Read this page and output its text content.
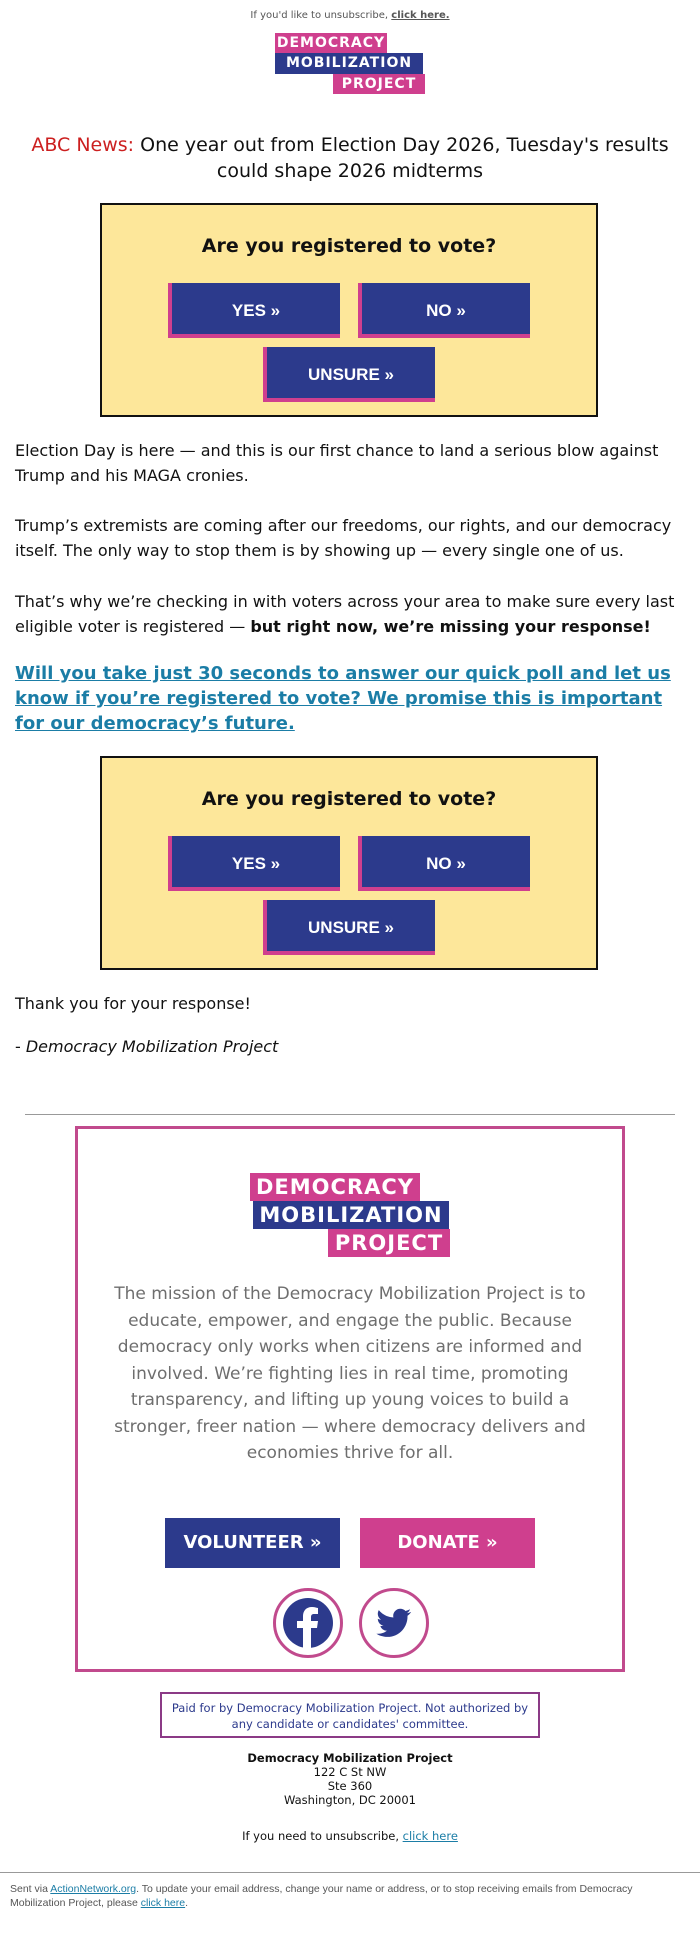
If you'd like to unsubscribe, click here.
DEMOCRACY
MOBILIZATION
PROJECT
ABC News: One year out from Election Day 2026, Tuesday's results could shape 2026 midterms
Are you registered to vote?
YES »	NO »
UNSURE »
Election Day is here — and this is our first chance to land a serious blow against Trump and his MAGA cronies.
Trump’s extremists are coming after our freedoms, our rights, and our democracy itself. The only way to stop them is by showing up — every single one of us.
That’s why we’re checking in with voters across your area to make sure every last eligible voter is registered — but right now, we’re missing your response!
Will you take just 30 seconds to answer our quick poll and let us know if you’re registered to vote? We promise this is important for our democracy’s future.
Are you registered to vote?
YES »	NO »
UNSURE »
Thank you for your response!
- Democracy Mobilization Project
DEMOCRACY
MOBILIZATION
PROJECT
The mission of the Democracy Mobilization Project is to educate, empower, and engage the public. Because democracy only works when citizens are informed and involved. We’re fighting lies in real time, promoting transparency, and lifting up young voices to build a stronger, freer nation — where democracy delivers and economies thrive for all.
VOLUNTEER »	DONATE »
Paid for by Democracy Mobilization Project. Not authorized by any candidate or candidates' committee.
Democracy Mobilization Project
122 C St NW
Ste 360
Washington, DC 20001
If you need to unsubscribe, click here
Sent via ActionNetwork.org. To update your email address, change your name or address, or to stop receiving emails from Democracy Mobilization Project, please click here.
